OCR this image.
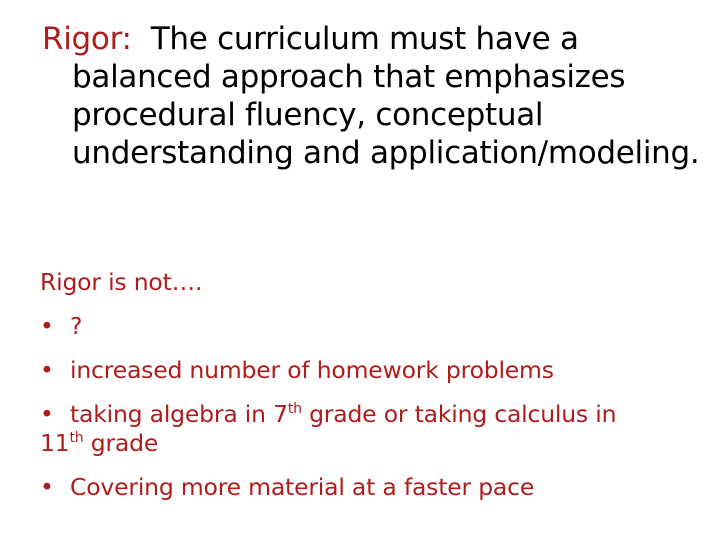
Rigor: The curriculum must have a balanced approach that emphasizes procedural fluency, conceptual understanding and application/modeling.

Rigor is not….

• ?
• increased number of homework problems
• taking algebra in 7th grade or taking calculus in
11th grade
• Covering more material at a faster pace
